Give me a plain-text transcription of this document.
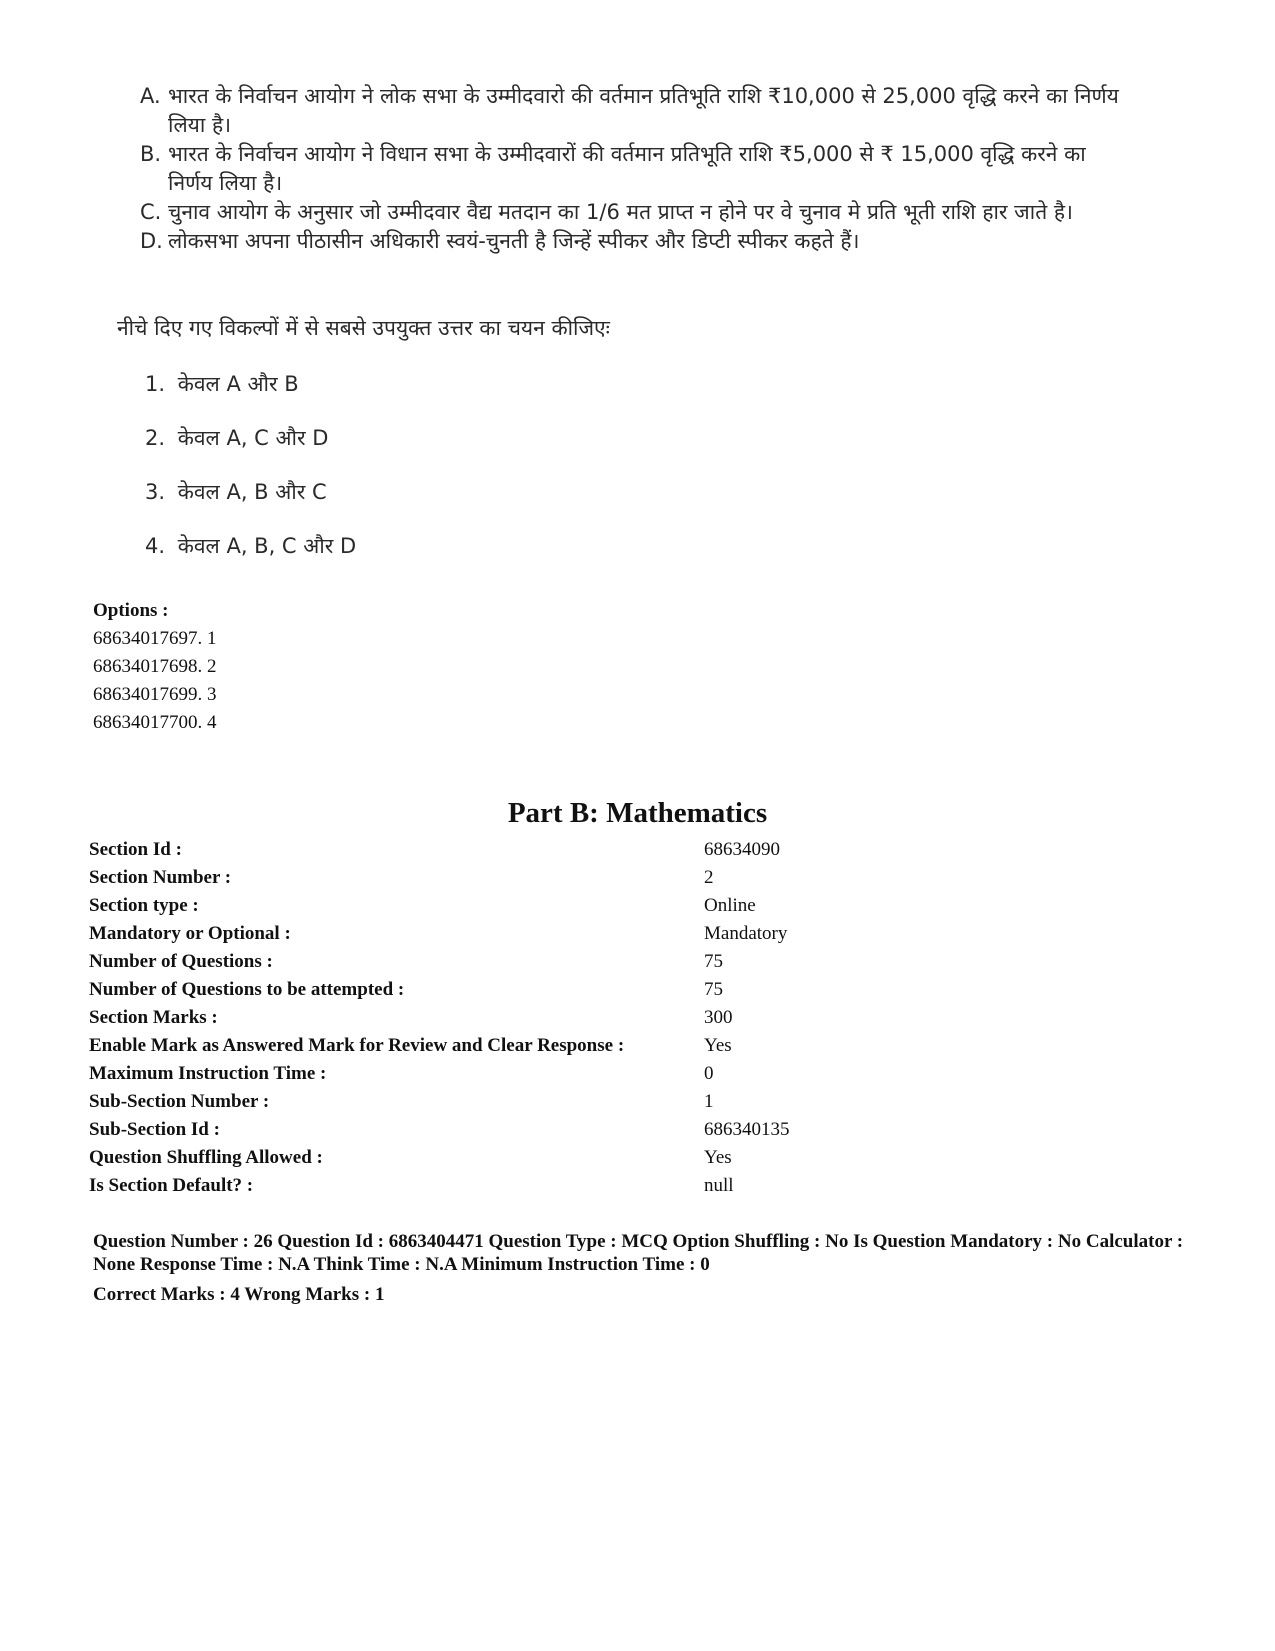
A. भारत के निर्वाचन आयोग ने लोक सभा के उम्मीदवारो की वर्तमान प्रतिभूति राशि ₹10,000 से 25,000 वृद्धि करने का निर्णय लिया है।
B. भारत के निर्वाचन आयोग ने विधान सभा के उम्मीदवारों की वर्तमान प्रतिभूति राशि ₹5,000 से ₹ 15,000 वृद्धि करने का निर्णय लिया है।
C. चुनाव आयोग के अनुसार जो उम्मीदवार वैद्य मतदान का 1/6 मत प्राप्त न होने पर वे चुनाव मे प्रति भूती राशि हार जाते है।
D. लोकसभा अपना पीठासीन अधिकारी स्वयं-चुनती है जिन्हें स्पीकर और डिप्टी स्पीकर कहते हैं।
नीचे दिए गए विकल्पों में से सबसे उपयुक्त उत्तर का चयन कीजिएः
1. केवल A और B
2. केवल A, C और D
3. केवल A, B और C
4. केवल A, B, C और D
Options :
68634017697. 1
68634017698. 2
68634017699. 3
68634017700. 4
Part B: Mathematics
Section Id :	68634090
Section Number :	2
Section type :	Online
Mandatory or Optional :	Mandatory
Number of Questions :	75
Number of Questions to be attempted :	75
Section Marks :	300
Enable Mark as Answered Mark for Review and Clear Response :	Yes
Maximum Instruction Time :	0
Sub-Section Number :	1
Sub-Section Id :	686340135
Question Shuffling Allowed :	Yes
Is Section Default? :	null
Question Number : 26 Question Id : 6863404471 Question Type : MCQ Option Shuffling : No Is Question Mandatory : No Calculator : None Response Time : N.A Think Time : N.A Minimum Instruction Time : 0
Correct Marks : 4 Wrong Marks : 1
